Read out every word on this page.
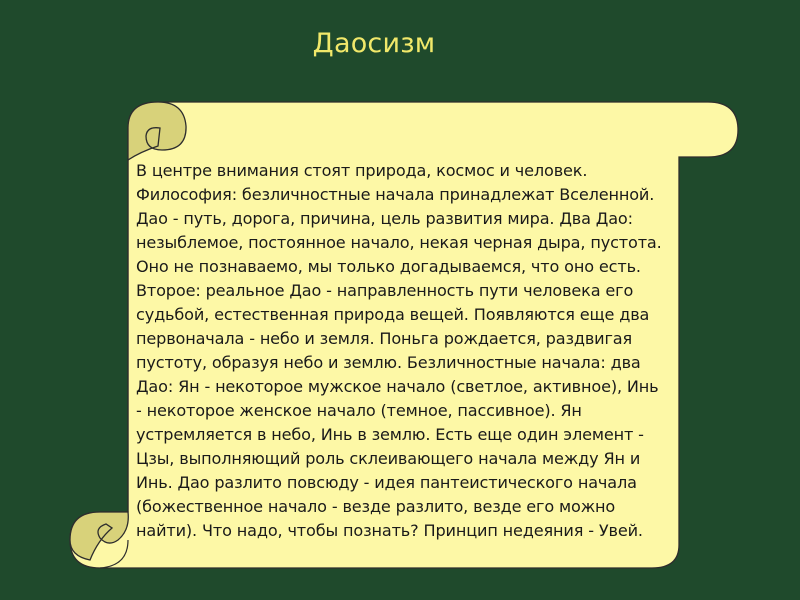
Даосизм
В центре внимания стоят природа, космос и человек.
Философия: безличностные начала принадлежат Вселенной.
Дао - путь, дорога, причина, цель развития мира. Два Дао:
незыблемое, постоянное начало, некая черная дыра, пустота.
Оно не познаваемо, мы только догадываемся, что оно есть.
Второе: реальное Дао - направленность пути человека его
судьбой, естественная природа вещей. Появляются еще два
первоначала - небо и земля. Поньга рождается, раздвигая
пустоту, образуя небо и землю. Безличностные начала: два
Дао: Ян - некоторое мужское начало (светлое, активное), Инь
- некоторое женское начало (темное, пассивное). Ян
устремляется в небо, Инь в землю. Есть еще один элемент -
Цзы, выполняющий роль склеивающего начала между Ян и
Инь. Дао разлито повсюду - идея пантеистического начала
(божественное начало - везде разлито, везде его можно
найти). Что надо, чтобы познать? Принцип недеяния - Увей.
